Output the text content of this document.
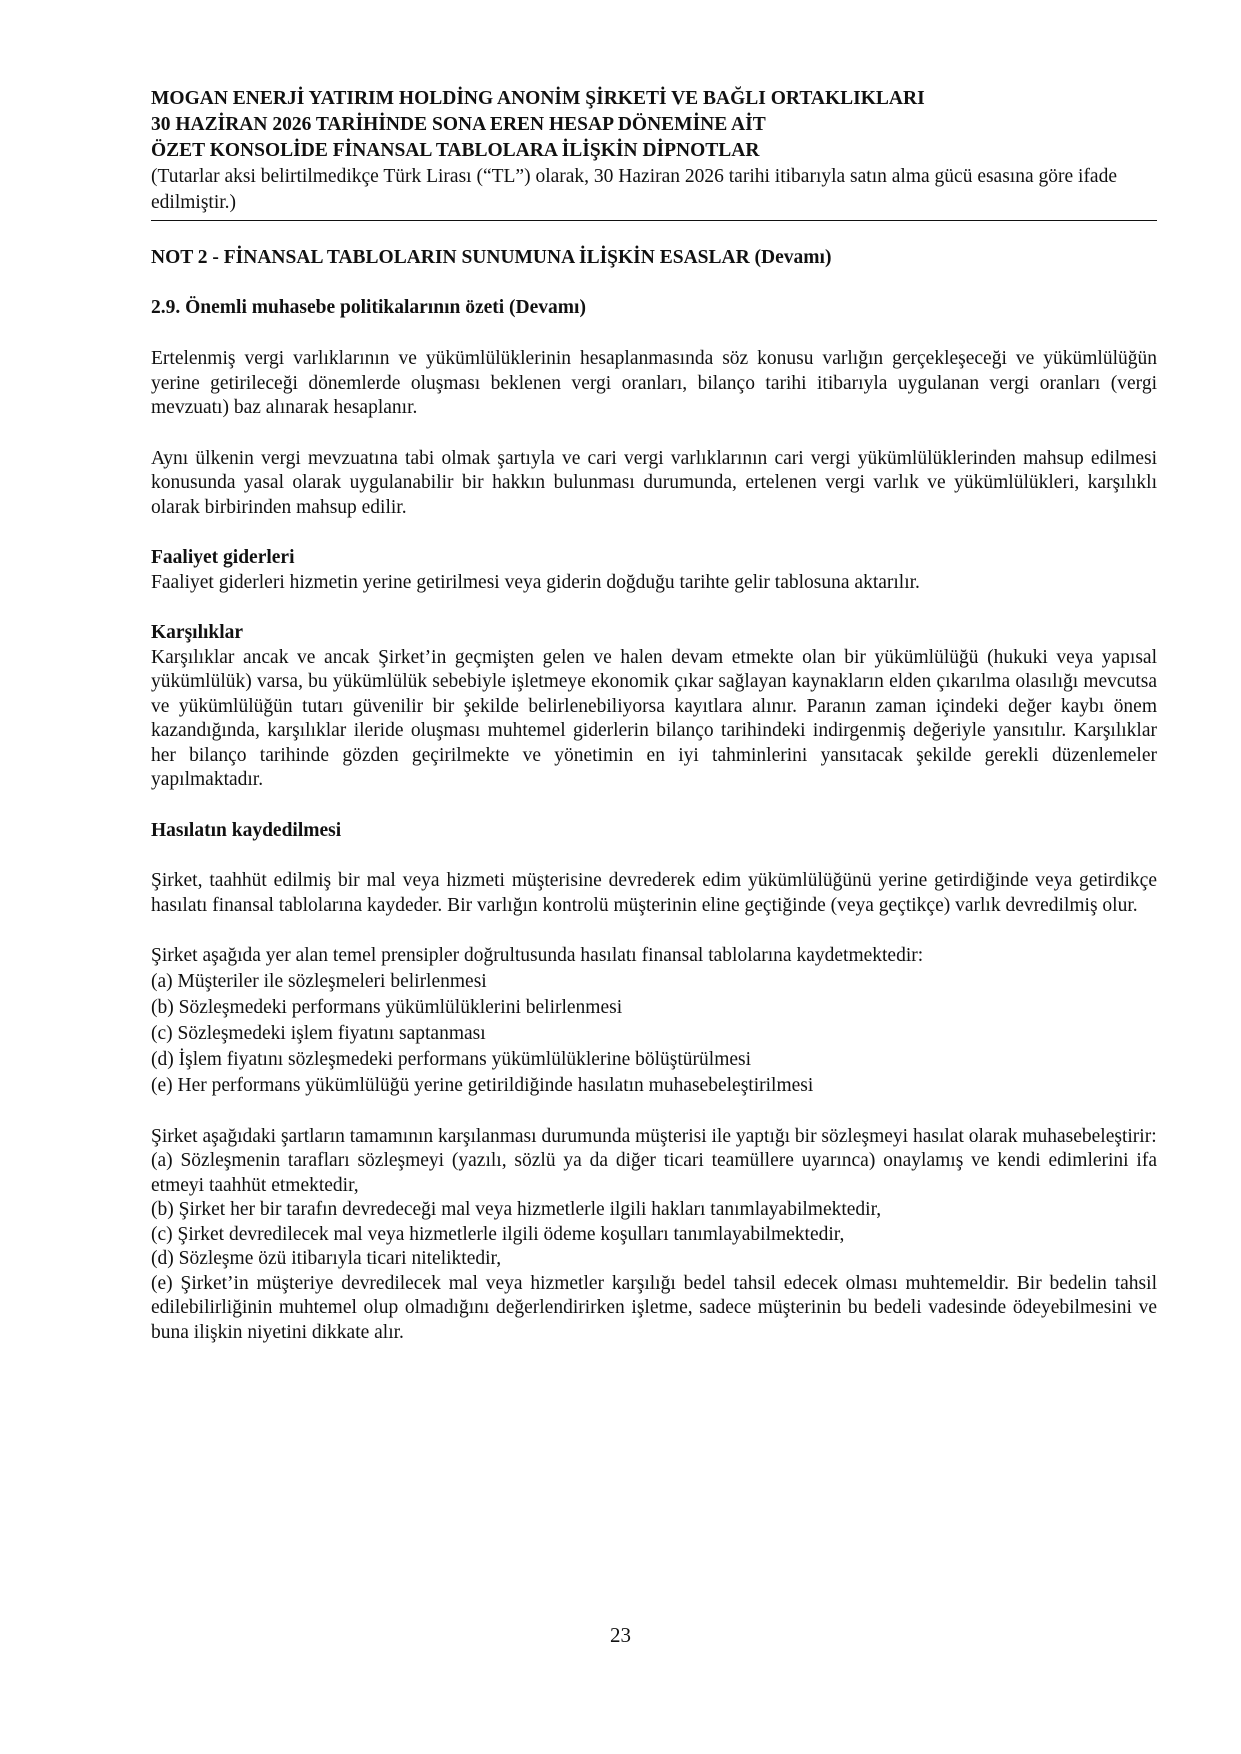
MOGAN ENERJİ YATIRIM HOLDİNG ANONİM ŞİRKETİ VE BAĞLI ORTAKLIKLARI
30 HAZİRAN 2026 TARİHİNDE SONA EREN HESAP DÖNEMİNE AİT
ÖZET KONSOLİDE FİNANSAL TABLOLARA İLİŞKİN DİPNOTLAR
(Tutarlar aksi belirtilmedikçe Türk Lirası (“TL”) olarak, 30 Haziran 2026 tarihi itibarıyla satın alma gücü esasına göre ifade edilmiştir.)
NOT 2 - FİNANSAL TABLOLARIN SUNUMUNA İLİŞKİN ESASLAR (Devamı)
2.9. Önemli muhasebe politikalarının özeti (Devamı)

Ertelenmiş vergi varlıklarının ve yükümlülüklerinin hesaplanmasında söz konusu varlığın gerçekleşeceği ve yükümlülüğün yerine getirileceği dönemlerde oluşması beklenen vergi oranları, bilanço tarihi itibarıyla uygulanan vergi oranları (vergi mevzuatı) baz alınarak hesaplanır.

Aynı ülkenin vergi mevzuatına tabi olmak şartıyla ve cari vergi varlıklarının cari vergi yükümlülüklerinden mahsup edilmesi konusunda yasal olarak uygulanabilir bir hakkın bulunması durumunda, ertelenen vergi varlık ve yükümlülükleri, karşılıklı olarak birbirinden mahsup edilir.

Faaliyet giderleri

Faaliyet giderleri hizmetin yerine getirilmesi veya giderin doğduğu tarihte gelir tablosuna aktarılır.

Karşılıklar

Karşılıklar ancak ve ancak Şirket’in geçmişten gelen ve halen devam etmekte olan bir yükümlülüğü (hukuki veya yapısal yükümlülük) varsa, bu yükümlülük sebebiyle işletmeye ekonomik çıkar sağlayan kaynakların elden çıkarılma olasılığı mevcutsa ve yükümlülüğün tutarı güvenilir bir şekilde belirlenebiliyorsa kayıtlara alınır. Paranın zaman içindeki değer kaybı önem kazandığında, karşılıklar ileride oluşması muhtemel giderlerin bilanço tarihindeki indirgenmiş değeriyle yansıtılır. Karşılıklar her bilanço tarihinde gözden geçirilmekte ve yönetimin en iyi tahminlerini yansıtacak şekilde gerekli düzenlemeler yapılmaktadır.

Hasılatın kaydedilmesi

Şirket, taahhüt edilmiş bir mal veya hizmeti müşterisine devrederek edim yükümlülüğünü yerine getirdiğinde veya getirdikçe hasılatı finansal tablolarına kaydeder. Bir varlığın kontrolü müşterinin eline geçtiğinde (veya geçtikçe) varlık devredilmiş olur.

Şirket aşağıda yer alan temel prensipler doğrultusunda hasılatı finansal tablolarına kaydetmektedir:

(a) Müşteriler ile sözleşmeleri belirlenmesi
(b) Sözleşmedeki performans yükümlülüklerini belirlenmesi
(c) Sözleşmedeki işlem fiyatını saptanması
(d) İşlem fiyatını sözleşmedeki performans yükümlülüklerine bölüştürülmesi
(e) Her performans yükümlülüğü yerine getirildiğinde hasılatın muhasebeleştirilmesi

Şirket aşağıdaki şartların tamamının karşılanması durumunda müşterisi ile yaptığı bir sözleşmeyi hasılat olarak muhasebeleştirir:

(a) Sözleşmenin tarafları sözleşmeyi (yazılı, sözlü ya da diğer ticari teamüllere uyarınca) onaylamış ve kendi edimlerini ifa etmeyi taahhüt etmektedir,

(b) Şirket her bir tarafın devredeceği mal veya hizmetlerle ilgili hakları tanımlayabilmektedir,

(c) Şirket devredilecek mal veya hizmetlerle ilgili ödeme koşulları tanımlayabilmektedir,

(d) Sözleşme özü itibarıyla ticari niteliktedir,

(e) Şirket’in müşteriye devredilecek mal veya hizmetler karşılığı bedel tahsil edecek olması muhtemeldir. Bir bedelin tahsil edilebilirliğinin muhtemel olup olmadığını değerlendirirken işletme, sadece müşterinin bu bedeli vadesinde ödeyebilmesini ve buna ilişkin niyetini dikkate alır.

23
